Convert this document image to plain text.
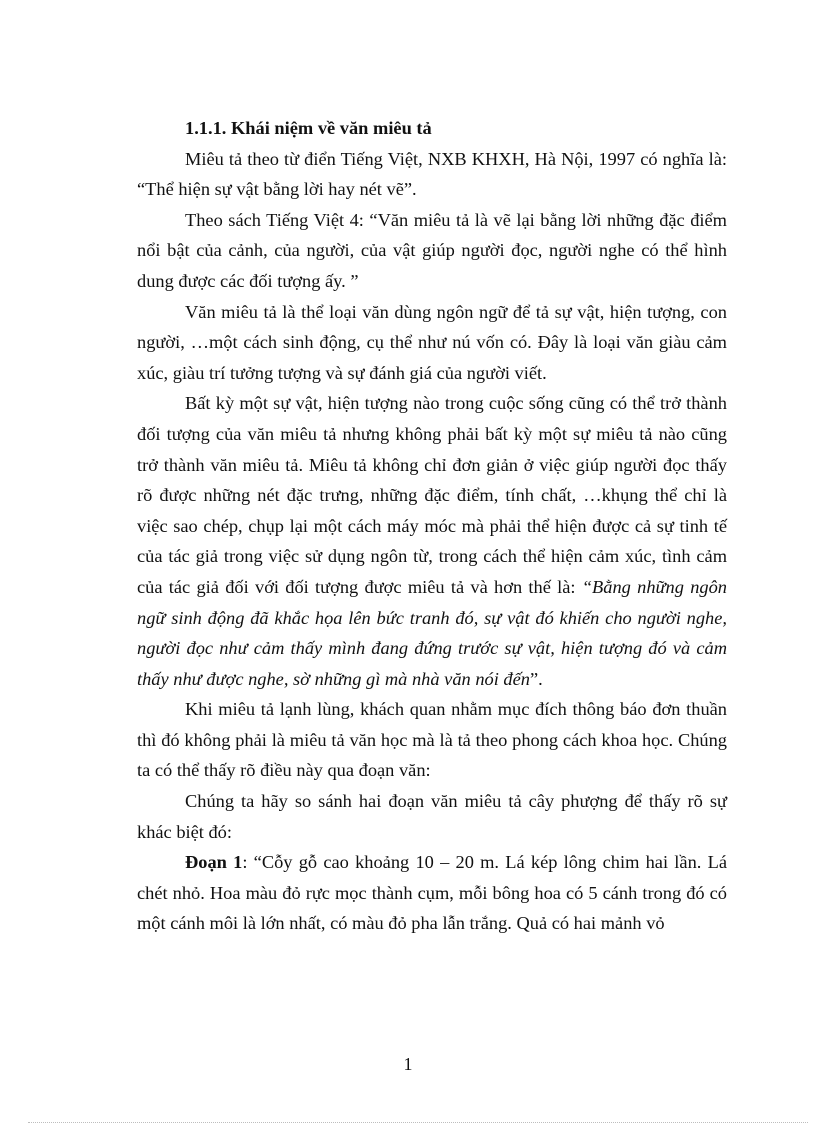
1.1.1. Khái niệm về văn miêu tả

Miêu tả theo từ điển Tiếng Việt, NXB KHXH, Hà Nội, 1997 có nghĩa là: “Thể hiện sự vật bằng lời hay nét vẽ”.

Theo sách Tiếng Việt 4: “Văn miêu tả là vẽ lại bằng lời những đặc điểm nổi bật của cảnh, của người, của vật giúp người đọc, người nghe có thể hình dung được các đối tượng ấy. ”

Văn miêu tả là thể loại văn dùng ngôn ngữ để tả sự vật, hiện tượng, con người, …một cách sinh động, cụ thể như nú vốn có. Đây là loại văn giàu cảm xúc, giàu trí tưởng tượng và sự đánh giá của người viết.

Bất kỳ một sự vật, hiện tượng nào trong cuộc sống cũng có thể trở thành đối tượng của văn miêu tả nhưng không phải bất kỳ một sự miêu tả nào cũng trở thành văn miêu tả. Miêu tả không chỉ đơn giản ở việc giúp người đọc thấy rõ được những nét đặc trưng, những đặc điểm, tính chất, …khụng thể chỉ là việc sao chép, chụp lại một cách máy móc mà phải thể hiện được cả sự tinh tế của tác giả trong việc sử dụng ngôn từ, trong cách thể hiện cảm xúc, tình cảm của tác giả đối với đối tượng được miêu tả và hơn thế là: “Bằng những ngôn ngữ sinh động đã khắc họa lên bức tranh đó, sự vật đó khiến cho người nghe, người đọc như cảm thấy mình đang đứng trước sự vật, hiện tượng đó và cảm thấy như được nghe, sờ những gì mà nhà văn nói đến”.

Khi miêu tả lạnh lùng, khách quan nhằm mục đích thông báo đơn thuần thì đó không phải là miêu tả văn học mà là tả theo phong cách khoa học. Chúng ta có thể thấy rõ điều này qua đoạn văn:

Chúng ta hãy so sánh hai đoạn văn miêu tả cây phượng để thấy rõ sự khác biệt đó:

Đoạn 1: “Cỗy gỗ cao khoảng 10 – 20 m. Lá kép lông chim hai lần. Lá chét nhỏ. Hoa màu đỏ rực mọc thành cụm, mỗi bông hoa có 5 cánh trong đó có một cánh môi là lớn nhất, có màu đỏ pha lẫn trắng. Quả có hai mảnh vỏ

1
